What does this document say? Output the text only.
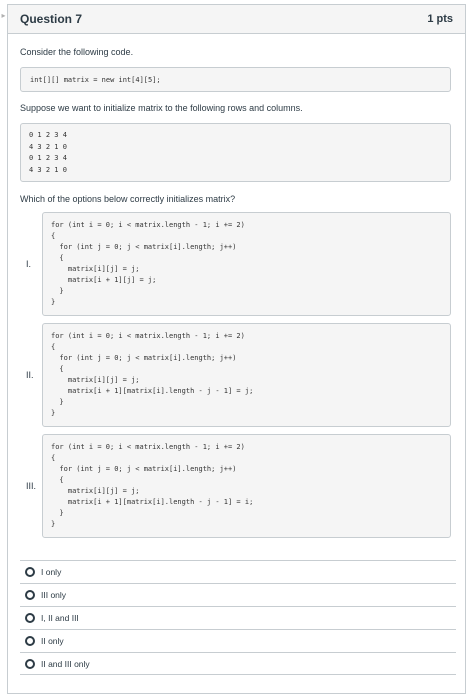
▸ Question 7	1 pts
Consider the following code.
int[][] matrix = new int[4][5];
Suppose we want to initialize matrix to the following rows and columns.
0 1 2 3 4
4 3 2 1 0
0 1 2 3 4
4 3 2 1 0
Which of the options below correctly initializes matrix?
I.
for (int i = 0; i < matrix.length - 1; i += 2)
{
for (int j = 0; j < matrix[i].length; j++)
{
matrix[i][j] = j;
matrix[i + 1][j] = j;
}
}
II.
for (int i = 0; i < matrix.length - 1; i += 2)
{
for (int j = 0; j < matrix[i].length; j++)
{
matrix[i][j] = j;
matrix[i + 1][matrix[i].length - j - 1] = j;
}
}
III.
for (int i = 0; i < matrix.length - 1; i += 2)
{
for (int j = 0; j < matrix[i].length; j++)
{
matrix[i][j] = j;
matrix[i + 1][matrix[i].length - j - 1] = i;
}
}
I only
III only
I, II and III
II only
II and III only
